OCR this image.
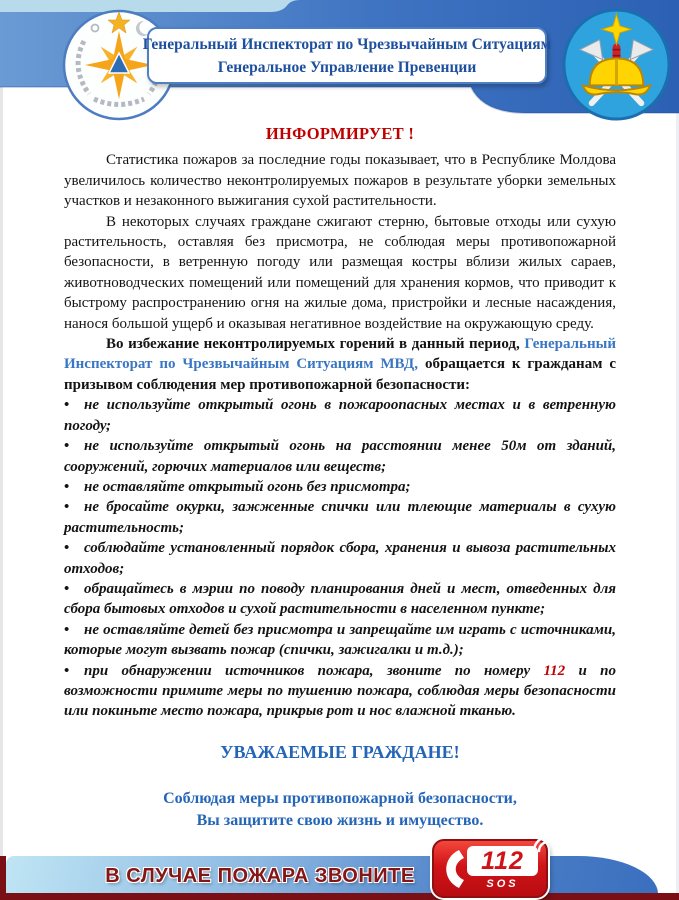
Генеральный Инспекторат по Чрезвычайным Ситуациям
Генеральное Управление Превенции
ИНФОРМИРУЕТ !

Статистика пожаров за последние годы показывает, что в Республике Молдова увеличилось количество неконтролируемых пожаров в результате уборки земельных участков и незаконного выжигания сухой растительности.

В некоторых случаях граждане сжигают стерню, бытовые отходы или сухую растительность, оставляя без присмотра, не соблюдая меры противопожарной безопасности, в ветренную погоду или размещая костры вблизи жилых сараев, животноводческих помещений или помещений для хранения кормов, что приводит к быстрому распространению огня на жилые дома, пристройки и лесные насаждения, нанося большой ущерб и оказывая негативное воздействие на окружающую среду.

Во избежание неконтролируемых горений в данный период, Генеральный Инспекторат по Чрезвычайным Ситуациям МВД, обращается к гражданам с призывом соблюдения мер противопожарной безопасности:

• не используйте открытый огонь в пожароопасных местах и в ветренную погоду;

• не используйте открытый огонь на расстоянии менее 50м от зданий, сооружений, горючих материалов или веществ;

• не оставляйте открытый огонь без присмотра;

• не бросайте окурки, зажженные спички или тлеющие материалы в сухую растительность;

• соблюдайте установленный порядок сбора, хранения и вывоза растительных отходов;

• обращайтесь в мэрии по поводу планирования дней и мест, отведенных для сбора бытовых отходов и сухой растительности в населенном пункте;

• не оставляйте детей без присмотра и запрещайте им играть с источниками, которые могут вызвать пожар (спички, зажигалки и т.д.);

• при обнаружении источников пожара, звоните по номеру 112 и по возможности примите меры по тушению пожара, соблюдая меры безопасности или покиньте место пожара, прикрыв рот и нос влажной тканью.

УВАЖАЕМЫЕ ГРАЖДАНЕ!
Соблюдая меры противопожарной безопасности,
Вы защитите свою жизнь и имущество.
В СЛУЧАЕ ПОЖАРА ЗВОНИТЕ
112
SOS
